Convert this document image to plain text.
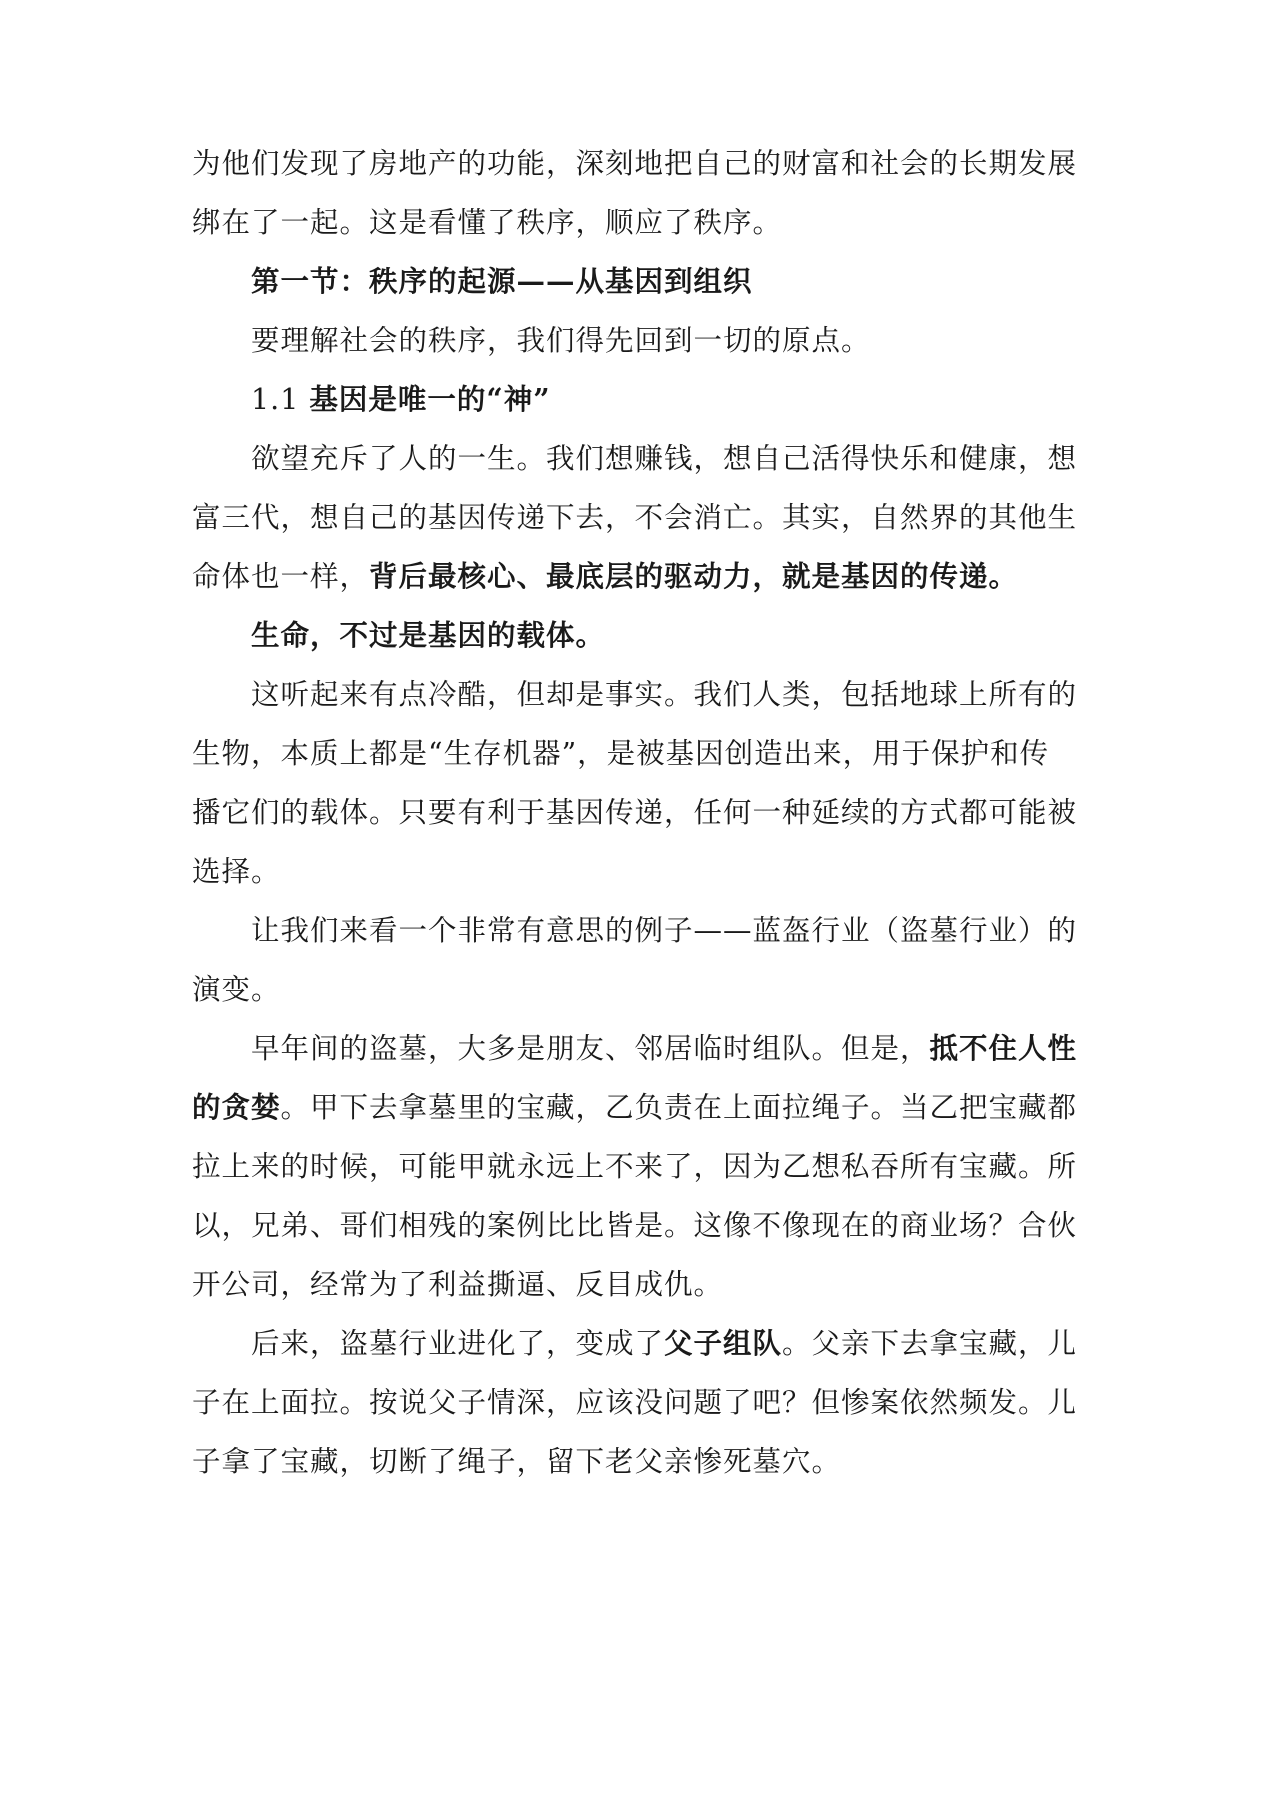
为他们发现了房地产的功能，深刻地把自己的财富和社会的长期发展绑在了一起。这是看懂了秩序，顺应了秩序。

第一节：秩序的起源——从基因到组织

要理解社会的秩序，我们得先回到一切的原点。

1.1 基因是唯一的“神”

欲望充斥了人的一生。我们想赚钱，想自己活得快乐和健康，想富三代，想自己的基因传递下去，不会消亡。其实，自然界的其他生命体也一样，背后最核心、最底层的驱动力，就是基因的传递。

生命，不过是基因的载体。

这听起来有点冷酷，但却是事实。我们人类，包括地球上所有的生物，本质上都是“生存机器”，是被基因创造出来，用于保护和传播它们的载体。只要有利于基因传递，任何一种延续的方式都可能被选择。

让我们来看一个非常有意思的例子——蓝盔行业（盗墓行业）的演变。

早年间的盗墓，大多是朋友、邻居临时组队。但是，抵不住人性的贪婪。甲下去拿墓里的宝藏，乙负责在上面拉绳子。当乙把宝藏都拉上来的时候，可能甲就永远上不来了，因为乙想私吞所有宝藏。所以，兄弟、哥们相残的案例比比皆是。这像不像现在的商业场？合伙开公司，经常为了利益撕逼、反目成仇。

后来，盗墓行业进化了，变成了父子组队。父亲下去拿宝藏，儿子在上面拉。按说父子情深，应该没问题了吧？但惨案依然频发。儿子拿了宝藏，切断了绳子，留下老父亲惨死墓穴。
